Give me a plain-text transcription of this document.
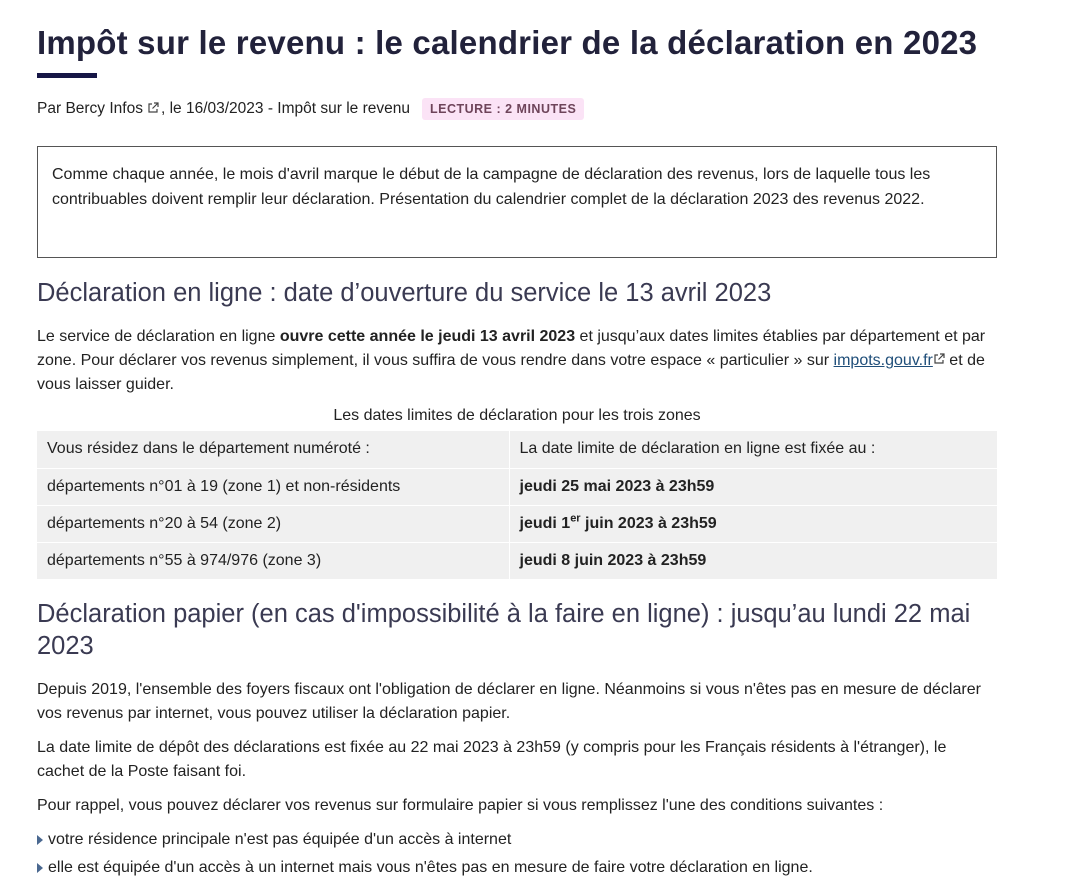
Impôt sur le revenu : le calendrier de la déclaration en 2023
Par
Bercy Infos , le 16/03/2023 - Impôt sur le revenu	LECTURE : 2 MINUTES
Comme chaque année, le mois d'avril marque le début de la campagne de déclaration des revenus, lors de laquelle tous les contribuables doivent remplir leur déclaration. Présentation du calendrier complet de la déclaration 2023 des revenus 2022.
Déclaration en ligne : date d’ouverture du service le 13 avril 2023

Le service de déclaration en ligne ouvre cette année le jeudi 13 avril 2023 et jusqu’aux dates limites établies par département et par zone. Pour déclarer vos revenus simplement, il vous suffira de vous rendre dans votre espace « particulier » sur impots.gouv.fr et de vous laisser guider.

Les dates limites de déclaration pour les trois zones
Vous résidez dans le département numéroté :	La date limite de déclaration en ligne est fixée au :
départements n°01 à 19 (zone 1) et non-résidents	jeudi 25 mai 2023 à 23h59
départements n°20 à 54 (zone 2)	jeudi 1er juin 2023 à 23h59
départements n°55 à 974/976 (zone 3)	jeudi 8 juin 2023 à 23h59
Déclaration papier (en cas d'impossibilité à la faire en ligne) : jusqu’au lundi 22 mai 2023

Depuis 2019, l'ensemble des foyers fiscaux ont l'obligation de déclarer en ligne. Néanmoins si vous n'êtes pas en mesure de déclarer vos revenus par internet, vous pouvez utiliser la déclaration papier.

La date limite de dépôt des déclarations est fixée au 22 mai 2023 à 23h59 (y compris pour les Français résidents à l'étranger), le cachet de la Poste faisant foi.

Pour rappel, vous pouvez déclarer vos revenus sur formulaire papier si vous remplissez l'une des conditions suivantes :

votre résidence principale n'est pas équipée d'un accès à internet
elle est équipée d'un accès à un internet mais vous n'êtes pas en mesure de faire votre déclaration en ligne.
